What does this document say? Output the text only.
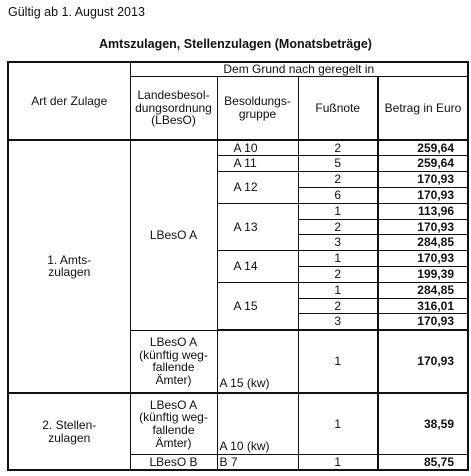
Gültig ab 1. August 2013
Amtszulagen, Stellenzulagen (Monatsbeträge)
Art der Zulage	Dem Grund nach geregelt in			
	Landesbesol-
dungsordnung
(LBesO)	Besoldungs-
gruppe	Fußnote	Betrag in Euro
1. Amts-
zulagen	LBesO A	A 10	2	259,64
		A 11	5	259,64
		A 12	2	170,93
			6	170,93
		A 13	1	113,96
			2	170,93
			3	284,85
		A 14	1	170,93
			2	199,39
		A 15	1	284,85
			2	316,01
			3	170,93

	LBesO A
(künftig weg-
fallende
Ämter)	A 15 (kw)	1	170,93
2. Stellen-
zulagen	LBesO A
(künftig weg-
fallende
Ämter)	A 10 (kw)	1	38,59
	LBesO B	B 7	1	85,75
